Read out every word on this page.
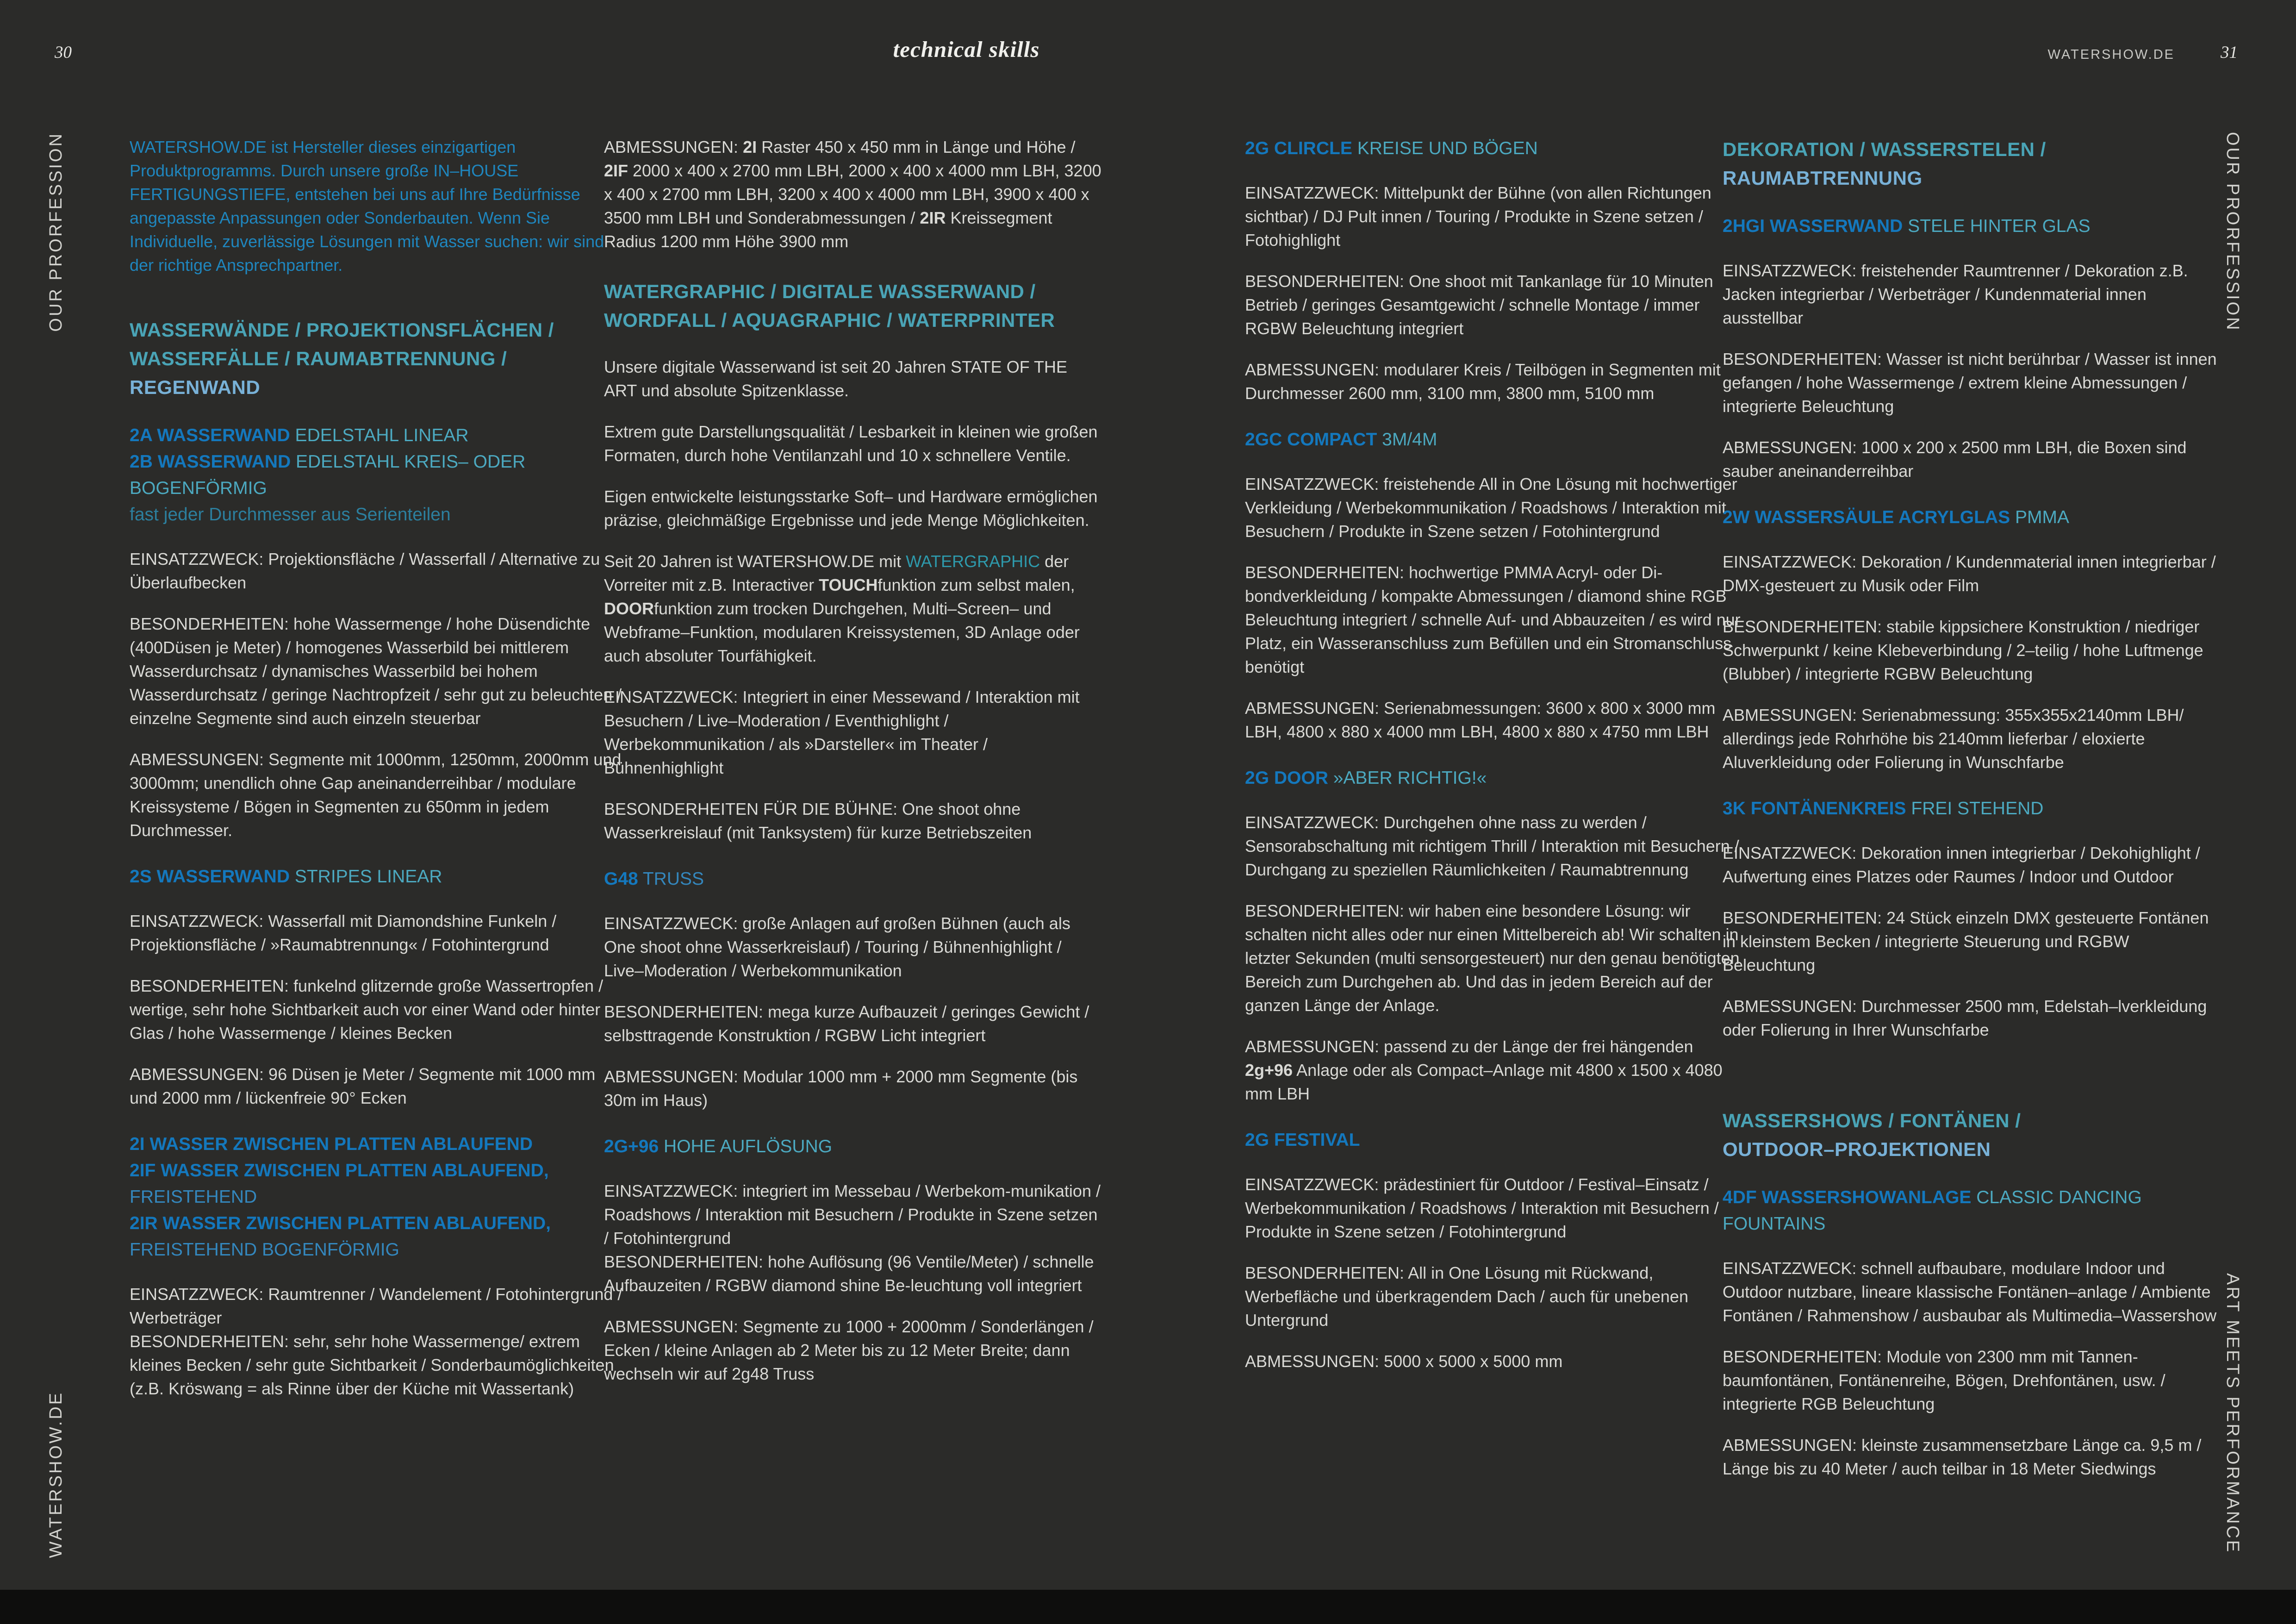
30	technical skills	WATERSHOW.DE	31
OUR PRORFESSION
WATERSHOW.DE
OUR PRORFESSION
ART MEETS PERFORMANCE

WATERSHOW.DE ist Hersteller dieses einzigartigen Produktprogramms. Durch unsere große IN–HOUSE FERTIGUNGSTIEFE, entstehen bei uns auf Ihre Bedürfnisse angepasste Anpassungen oder Sonderbauten. Wenn Sie Individuelle, zuverlässige Lösungen mit Wasser suchen: wir sind der richtige Ansprechpartner.

WASSERWÄNDE / PROJEKTIONSFLÄCHEN /
WASSERFÄLLE / RAUMABTRENNUNG /
REGENWAND
2A WASSERWAND EDELSTAHL LINEAR
2B WASSERWAND EDELSTAHL KREIS– ODER
BOGENFÖRMIG
fast jeder Durchmesser aus Serienteilen

EINSATZZWECK: Projektionsfläche / Wasserfall / Alternative zu Überlaufbecken

BESONDERHEITEN: hohe Wassermenge / hohe Düsendichte (400Düsen je Meter) / homogenes Wasserbild bei mittlerem Wasserdurchsatz / dynamisches Wasserbild bei hohem Wasserdurchsatz / geringe Nachtropfzeit / sehr gut zu beleuchten / einzelne Segmente sind auch einzeln steuerbar

ABMESSUNGEN: Segmente mit 1000mm, 1250mm, 2000mm und 3000mm; unendlich ohne Gap aneinanderreihbar / modulare Kreissysteme / Bögen in Segmenten zu 650mm in jedem Durchmesser.

2S WASSERWAND STRIPES LINEAR

EINSATZZWECK: Wasserfall mit Diamondshine Funkeln / Projektionsfläche / »Raumabtrennung« / Fotohintergrund

BESONDERHEITEN: funkelnd glitzernde große Wassertropfen / wertige, sehr hohe Sichtbarkeit auch vor einer Wand oder hinter Glas / hohe Wassermenge / kleines Becken

ABMESSUNGEN: 96 Düsen je Meter / Segmente mit 1000 mm und 2000 mm / lückenfreie 90° Ecken

2I WASSER ZWISCHEN PLATTEN ABLAUFEND
2IF WASSER ZWISCHEN PLATTEN ABLAUFEND,
FREISTEHEND
2IR WASSER ZWISCHEN PLATTEN ABLAUFEND,
FREISTEHEND BOGENFÖRMIG

EINSATZZWECK: Raumtrenner / Wandelement / Fotohintergrund / Werbeträger

BESONDERHEITEN: sehr, sehr hohe Wassermenge/ extrem kleines Becken / sehr gute Sichtbarkeit / Sonderbaumöglichkeiten

(z.B. Kröswang = als Rinne über der Küche mit Wassertank)

ABMESSUNGEN: 2I Raster 450 x 450 mm in Länge und Höhe / 2IF 2000 x 400 x 2700 mm LBH, 2000 x 400 x 4000 mm LBH, 3200 x 400 x 2700 mm LBH, 3200 x 400 x 4000 mm LBH, 3900 x 400 x 3500 mm LBH und Sonderabmessungen / 2IR Kreissegment Radius 1200 mm Höhe 3900 mm

WATERGRAPHIC / DIGITALE WASSERWAND /
WORDFALL / AQUAGRAPHIC / WATERPRINTER

Unsere digitale Wasserwand ist seit 20 Jahren STATE OF THE ART und absolute Spitzenklasse.

Extrem gute Darstellungsqualität / Lesbarkeit in kleinen wie großen Formaten, durch hohe Ventilanzahl und 10 x schnellere Ventile.

Eigen entwickelte leistungsstarke Soft– und Hardware ermöglichen präzise, gleichmäßige Ergebnisse und jede Menge Möglichkeiten.

Seit 20 Jahren ist WATERSHOW.DE mit WATERGRAPHIC der Vorreiter mit z.B. Interactiver TOUCHfunktion zum selbst malen, DOORfunktion zum trocken Durchgehen, Multi–Screen– und Webframe–Funktion, modularen Kreissystemen, 3D Anlage oder auch absoluter Tourfähigkeit.

EINSATZZWECK: Integriert in einer Messewand / Interaktion mit Besuchern / Live–Moderation / Eventhighlight / Werbekommunikation / als »Darsteller« im Theater / Bühnenhighlight

BESONDERHEITEN FÜR DIE BÜHNE: One shoot ohne Wasserkreislauf (mit Tanksystem) für kurze Betriebszeiten

G48 TRUSS

EINSATZZWECK: große Anlagen auf großen Bühnen (auch als One shoot ohne Wasserkreislauf) / Touring / Bühnenhighlight / Live–Moderation / Werbekommunikation

BESONDERHEITEN: mega kurze Aufbauzeit / geringes Gewicht / selbsttragende Konstruktion / RGBW Licht integriert

ABMESSUNGEN: Modular 1000 mm + 2000 mm Segmente (bis 30m im Haus)

2G+96 HOHE AUFLÖSUNG

EINSATZZWECK: integriert im Messebau / Werbekom-munikation / Roadshows / Interaktion mit Besuchern / Produkte in Szene setzen / Fotohintergrund

BESONDERHEITEN: hohe Auflösung (96 Ventile/Meter) / schnelle Aufbauzeiten / RGBW diamond shine Be-leuchtung voll integriert

ABMESSUNGEN: Segmente zu 1000 + 2000mm / Sonderlängen / Ecken / kleine Anlagen ab 2 Meter bis zu 12 Meter Breite; dann wechseln wir auf 2g48 Truss

2G CLIRCLE KREISE UND BÖGEN

EINSATZZWECK: Mittelpunkt der Bühne (von allen Richtungen sichtbar) / DJ Pult innen / Touring / Produkte in Szene setzen / Fotohighlight

BESONDERHEITEN: One shoot mit Tankanlage für 10 Minuten Betrieb / geringes Gesamtgewicht / schnelle Montage / immer RGBW Beleuchtung integriert

ABMESSUNGEN: modularer Kreis / Teilbögen in Segmenten mit Durchmesser 2600 mm, 3100 mm, 3800 mm, 5100 mm

2GC COMPACT 3M/4M

EINSATZZWECK: freistehende All in One Lösung mit hochwertiger Verkleidung / Werbekommunikation / Roadshows / Interaktion mit Besuchern / Produkte in Szene setzen / Fotohintergrund

BESONDERHEITEN: hochwertige PMMA Acryl- oder Di-bondverkleidung / kompakte Abmessungen / diamond shine RGB Beleuchtung integriert / schnelle Auf- und Abbauzeiten / es wird nur Platz, ein Wasseranschluss zum Befüllen und ein Stromanschluss benötigt

ABMESSUNGEN: Serienabmessungen: 3600 x 800 x 3000 mm LBH, 4800 x 880 x 4000 mm LBH, 4800 x 880 x 4750 mm LBH

2G DOOR »ABER RICHTIG!«

EINSATZZWECK: Durchgehen ohne nass zu werden / Sensorabschaltung mit richtigem Thrill / Interaktion mit Besuchern / Durchgang zu speziellen Räumlichkeiten / Raumabtrennung

BESONDERHEITEN: wir haben eine besondere Lösung: wir schalten nicht alles oder nur einen Mittelbereich ab! Wir schalten in letzter Sekunden (multi sensorgesteuert) nur den genau benötigten Bereich zum Durchgehen ab. Und das in jedem Bereich auf der ganzen Länge der Anlage.

ABMESSUNGEN: passend zu der Länge der frei hängenden 2g+96 Anlage oder als Compact–Anlage mit 4800 x 1500 x 4080 mm LBH

2G FESTIVAL

EINSATZZWECK: prädestiniert für Outdoor / Festival–Einsatz / Werbekommunikation / Roadshows / Interaktion mit Besuchern / Produkte in Szene setzen / Fotohintergrund

BESONDERHEITEN: All in One Lösung mit Rückwand, Werbefläche und überkragendem Dach / auch für unebenen Untergrund

ABMESSUNGEN: 5000 x 5000 x 5000 mm

DEKORATION / WASSERSTELEN /
RAUMABTRENNUNG
2HGI WASSERWAND STELE HINTER GLAS

EINSATZZWECK: freistehender Raumtrenner / Dekoration z.B. Jacken integrierbar / Werbeträger / Kundenmaterial innen ausstellbar

BESONDERHEITEN: Wasser ist nicht berührbar / Wasser ist innen gefangen / hohe Wassermenge / extrem kleine Abmessungen / integrierte Beleuchtung

ABMESSUNGEN: 1000 x 200 x 2500 mm LBH, die Boxen sind sauber aneinanderreihbar

2W WASSERSÄULE ACRYLGLAS PMMA

EINSATZZWECK: Dekoration / Kundenmaterial innen integrierbar / DMX-gesteuert zu Musik oder Film

BESONDERHEITEN: stabile kippsichere Konstruktion / niedriger Schwerpunkt / keine Klebeverbindung / 2–teilig / hohe Luftmenge (Blubber) / integrierte RGBW Beleuchtung

ABMESSUNGEN: Serienabmessung: 355x355x2140mm LBH/ allerdings jede Rohrhöhe bis 2140mm lieferbar / eloxierte Aluverkleidung oder Folierung in Wunschfarbe

3K FONTÄNENKREIS FREI STEHEND

EINSATZZWECK: Dekoration innen integrierbar / Dekohighlight / Aufwertung eines Platzes oder Raumes / Indoor und Outdoor

BESONDERHEITEN: 24 Stück einzeln DMX gesteuerte Fontänen in kleinstem Becken / integrierte Steuerung und RGBW Beleuchtung

ABMESSUNGEN: Durchmesser 2500 mm, Edelstah–lverkleidung oder Folierung in Ihrer Wunschfarbe

WASSERSHOWS / FONTÄNEN /
OUTDOOR–PROJEKTIONEN
4DF WASSERSHOWANLAGE CLASSIC DANCING FOUNTAINS

EINSATZZWECK: schnell aufbaubare, modulare Indoor und Outdoor nutzbare, lineare klassische Fontänen–anlage / Ambiente Fontänen / Rahmenshow / ausbaubar als Multimedia–Wassershow

BESONDERHEITEN: Module von 2300 mm mit Tannen-baumfontänen, Fontänenreihe, Bögen, Drehfontänen, usw. / integrierte RGB Beleuchtung

ABMESSUNGEN: kleinste zusammensetzbare Länge ca. 9,5 m / Länge bis zu 40 Meter / auch teilbar in 18 Meter Siedwings
